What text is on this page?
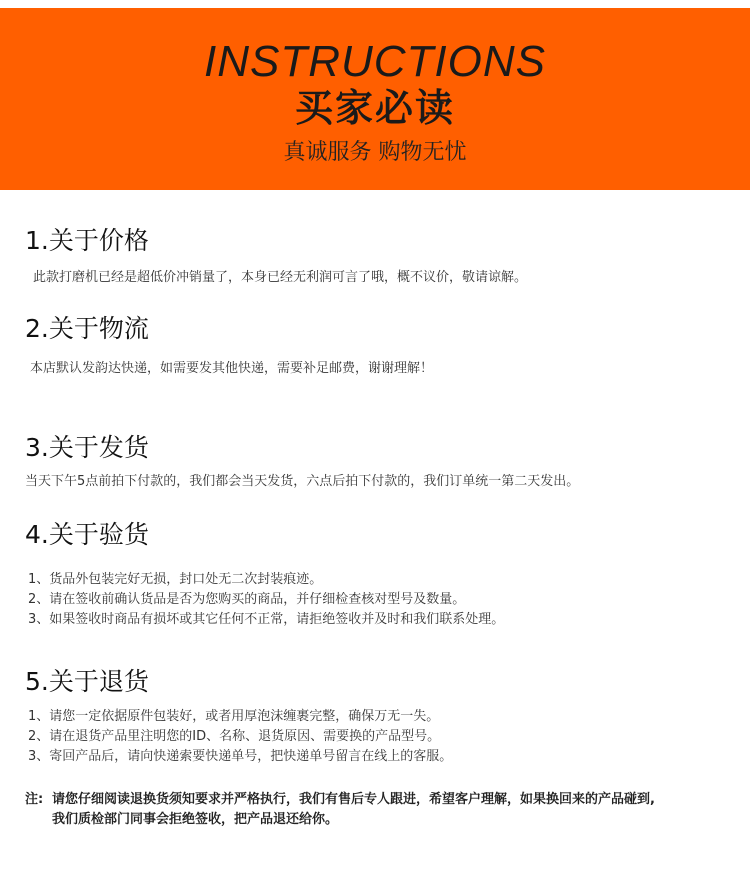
INSTRUCTIONS
买家必读
真诚服务 购物无忧
1.关于价格
此款打磨机已经是超低价冲销量了，本身已经无利润可言了哦，概不议价，敬请谅解。
2.关于物流
本店默认发韵达快递，如需要发其他快递，需要补足邮费，谢谢理解！
3.关于发货
当天下午5点前拍下付款的，我们都会当天发货，六点后拍下付款的，我们订单统一第二天发出。
4.关于验货
1、货品外包装完好无损，封口处无二次封装痕迹。
2、请在签收前确认货品是否为您购买的商品，并仔细检查核对型号及数量。
3、如果签收时商品有损坏或其它任何不正常，请拒绝签收并及时和我们联系处理。
5.关于退货
1、请您一定依据原件包装好，或者用厚泡沫缠裹完整，确保万无一失。
2、请在退货产品里注明您的ID、名称、退货原因、需要换的产品型号。
3、寄回产品后，请向快递索要快递单号，把快递单号留言在线上的客服。
注: 请您仔细阅读退换货须知要求并严格执行，我们有售后专人跟进，希望客户理解，如果换回来的产品碰到,
我们质检部门同事会拒绝签收，把产品退还给你。
